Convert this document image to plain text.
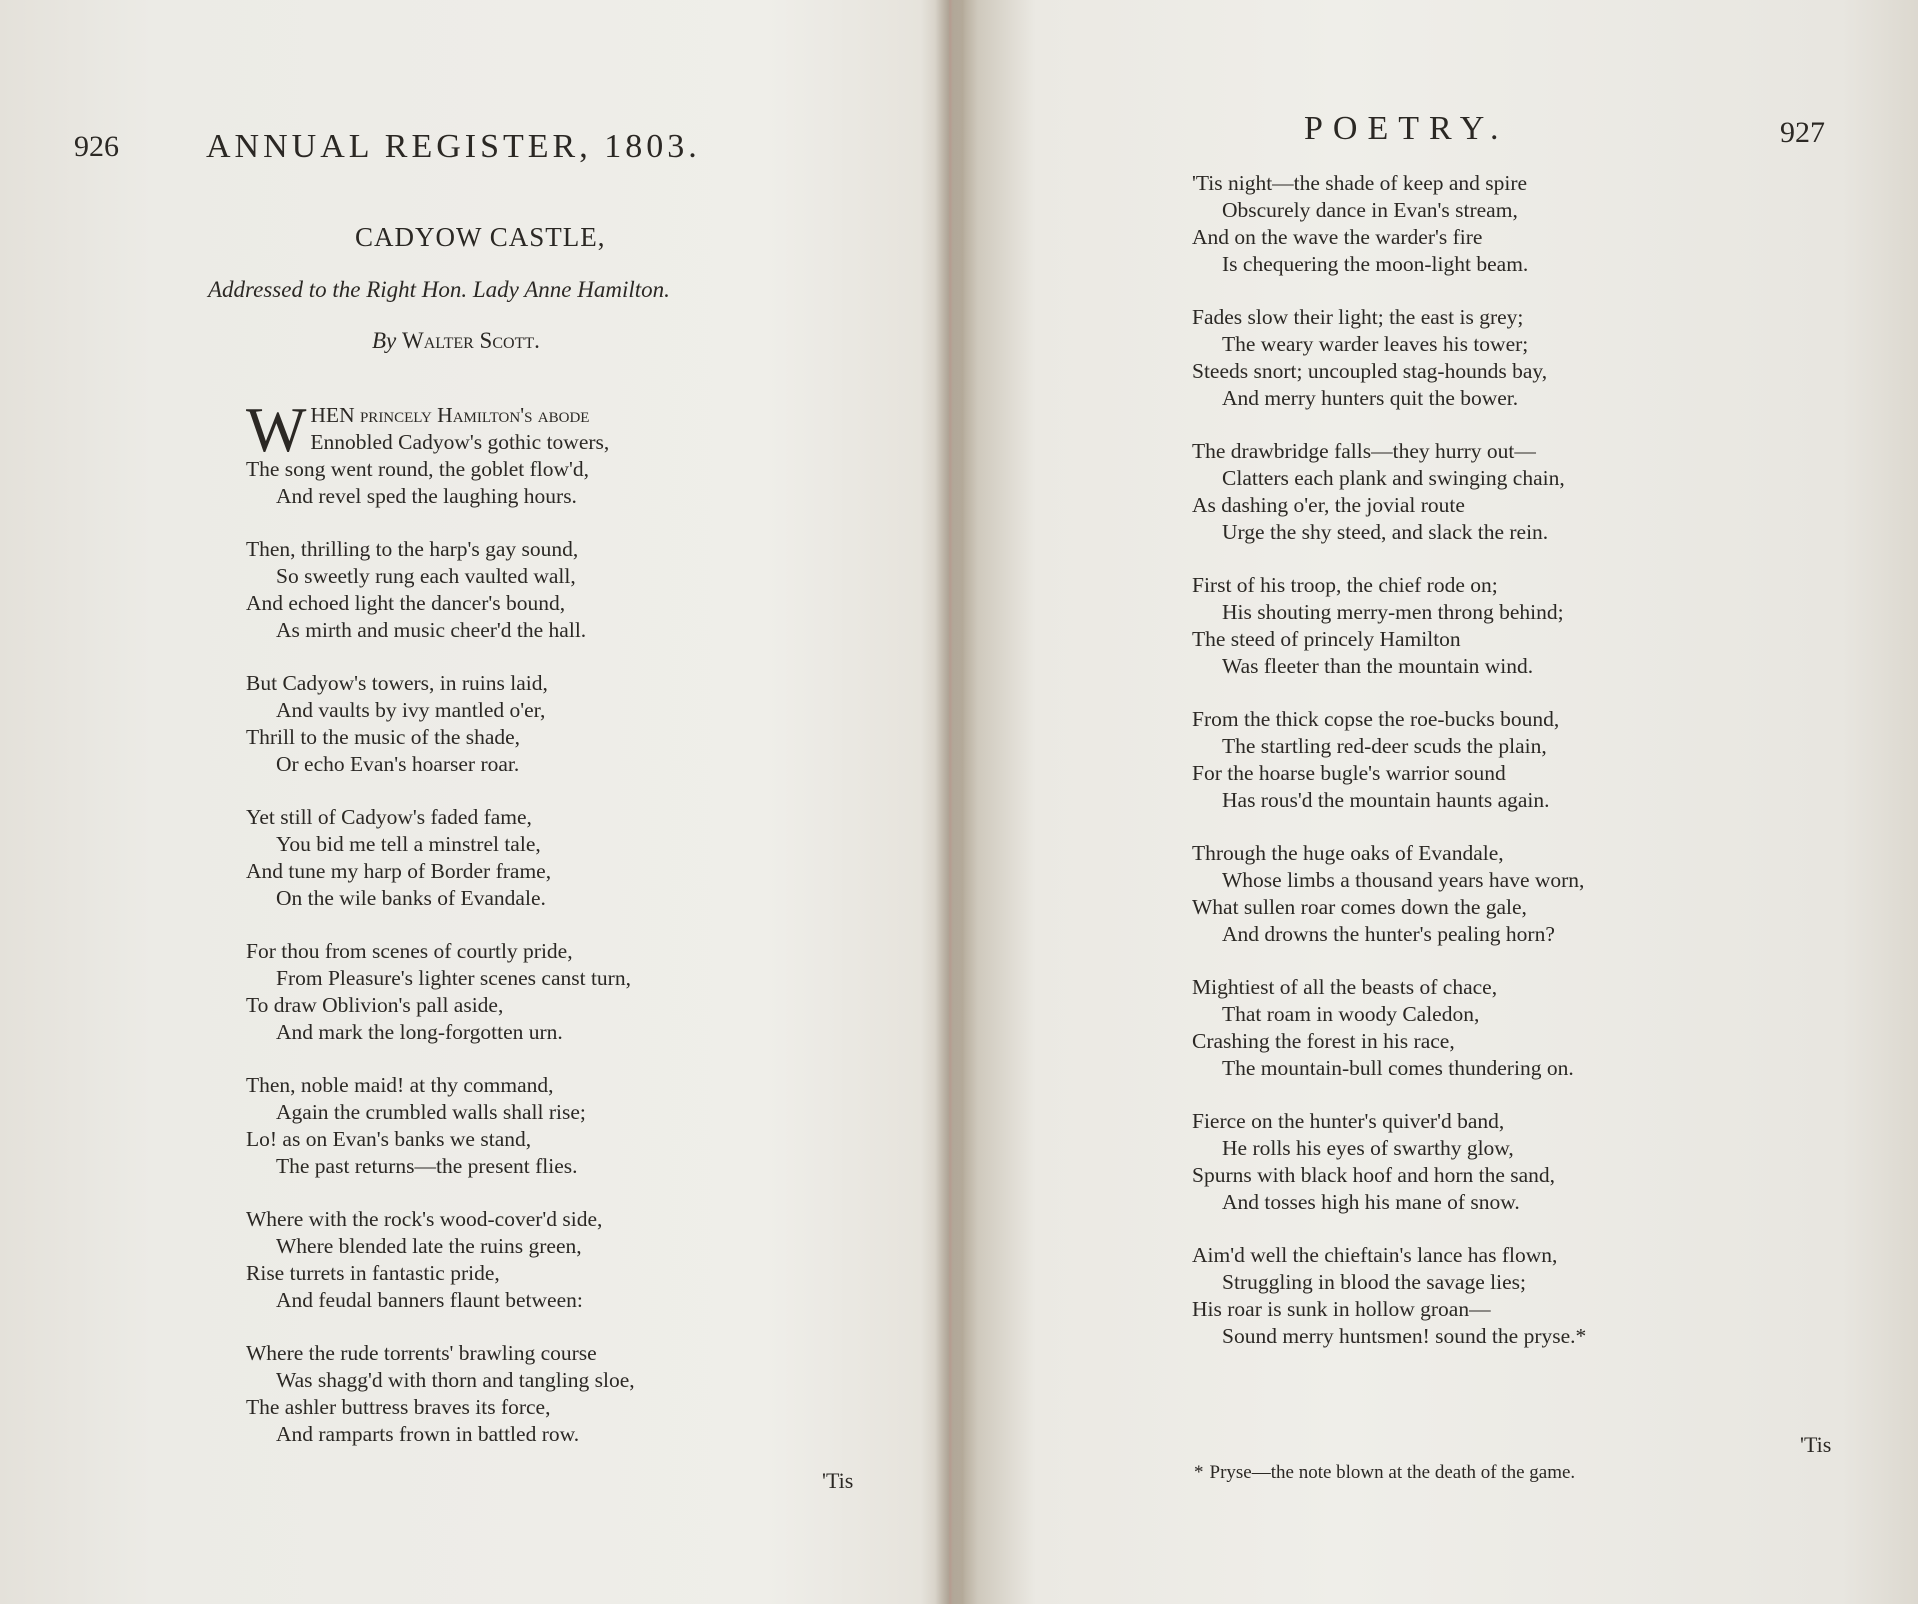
926	ANNUAL REGISTER, 1803.
CADYOW CASTLE,
Addressed to the Right Hon. Lady Anne Hamilton.
By Walter Scott.
W HEN princely Hamilton's abode
Ennobled Cadyow's gothic towers,
The song went round, the goblet flow'd,
And revel sped the laughing hours.
Then, thrilling to the harp's gay sound,
So sweetly rung each vaulted wall,
And echoed light the dancer's bound,
As mirth and music cheer'd the hall.
But Cadyow's towers, in ruins laid,
And vaults by ivy mantled o'er,
Thrill to the music of the shade,
Or echo Evan's hoarser roar.
Yet still of Cadyow's faded fame,
You bid me tell a minstrel tale,
And tune my harp of Border frame,
On the wile banks of Evandale.
For thou from scenes of courtly pride,
From Pleasure's lighter scenes canst turn,
To draw Oblivion's pall aside,
And mark the long-forgotten urn.
Then, noble maid! at thy command,
Again the crumbled walls shall rise;
Lo! as on Evan's banks we stand,
The past returns—the present flies.
Where with the rock's wood-cover'd side,
Where blended late the ruins green,
Rise turrets in fantastic pride,
And feudal banners flaunt between:
Where the rude torrents' brawling course
Was shagg'd with thorn and tangling sloe,
The ashler buttress braves its force,
And ramparts frown in battled row.
'Tis
POETRY.	927
'Tis night—the shade of keep and spire
Obscurely dance in Evan's stream,
And on the wave the warder's fire
Is chequering the moon-light beam.
Fades slow their light; the east is grey;
The weary warder leaves his tower;
Steeds snort; uncoupled stag-hounds bay,
And merry hunters quit the bower.
The drawbridge falls—they hurry out—
Clatters each plank and swinging chain,
As dashing o'er, the jovial route
Urge the shy steed, and slack the rein.
First of his troop, the chief rode on;
His shouting merry-men throng behind;
The steed of princely Hamilton
Was fleeter than the mountain wind.
From the thick copse the roe-bucks bound,
The startling red-deer scuds the plain,
For the hoarse bugle's warrior sound
Has rous'd the mountain haunts again.
Through the huge oaks of Evandale,
Whose limbs a thousand years have worn,
What sullen roar comes down the gale,
And drowns the hunter's pealing horn?
Mightiest of all the beasts of chace,
That roam in woody Caledon,
Crashing the forest in his race,
The mountain-bull comes thundering on.
Fierce on the hunter's quiver'd band,
He rolls his eyes of swarthy glow,
Spurns with black hoof and horn the sand,
And tosses high his mane of snow.
Aim'd well the chieftain's lance has flown,
Struggling in blood the savage lies;
His roar is sunk in hollow groan—
Sound merry huntsmen! sound the pryse.*
'Tis
* Pryse—the note blown at the death of the game.
